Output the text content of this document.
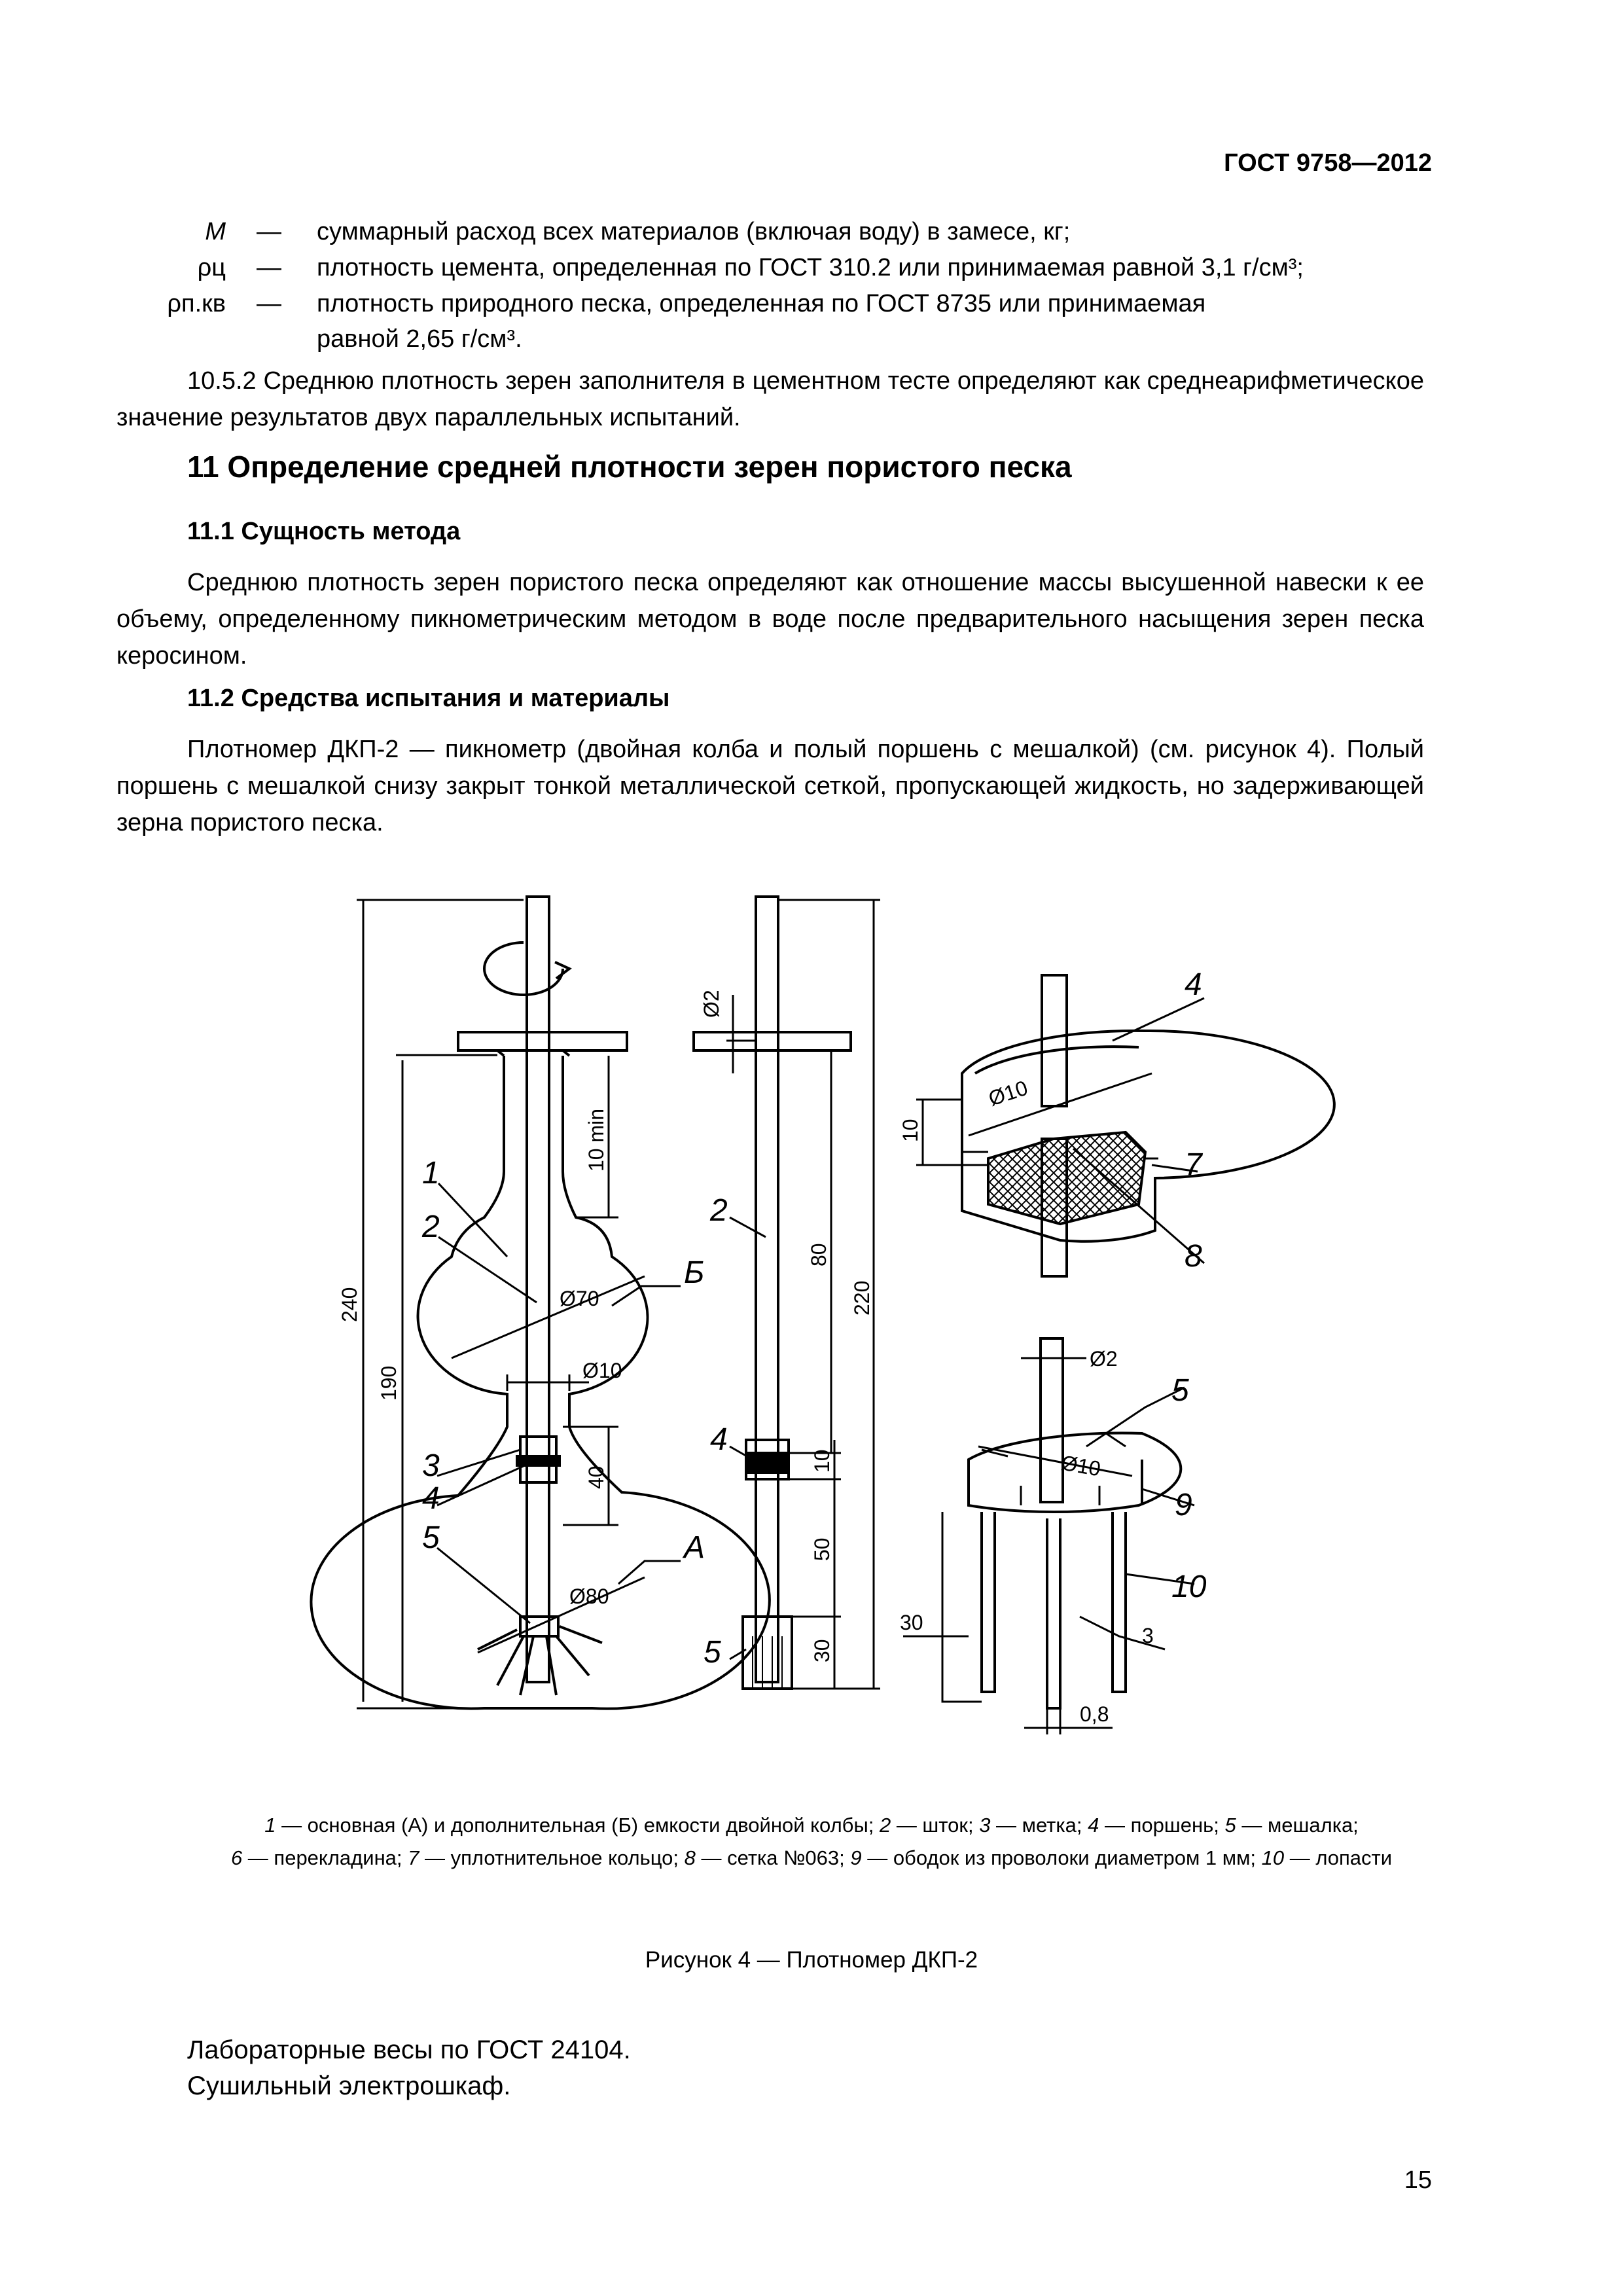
ГОСТ 9758—2012
M — суммарный расход всех материалов (включая воду) в замесе, кг;
ρц — плотность цемента, определенная по ГОСТ 310.2 или принимаемая равной 3,1 г/см³;
ρп.кв — плотность природного песка, определенная по ГОСТ 8735 или принимаемая
равной 2,65 г/см³.
10.5.2 Среднюю плотность зерен заполнителя в цементном тесте определяют как среднеарифметическое значение результатов двух параллельных испытаний.
11 Определение средней плотности зерен пористого песка
11.1 Сущность метода
Среднюю плотность зерен пористого песка определяют как отношение массы высушенной навески к ее объему, определенному пикнометрическим методом в воде после предварительного насыщения зерен песка керосином.
11.2 Средства испытания и материалы
Плотномер ДКП-2 — пикнометр (двойная колба и полый поршень с мешалкой) (см. рисунок 4). Полый поршень с мешалкой снизу закрыт тонкой металлической сеткой, пропускающей жидкость, но задерживающей зерна пористого песка.
1
2
3
4
5
Б
А
240
190
10 min
40
Ø70
Ø10
Ø80
2
4
5
Ø2
80
220
10
50
30
4
7
8
Ø10
10
Ø2
Ø10
30
3
0,8
5
9
10
1 — основная (А) и дополнительная (Б) емкости двойной колбы; 2 — шток; 3 — метка; 4 — поршень; 5 — мешалка;
6 — перекладина; 7 — уплотнительное кольцо; 8 — сетка №063; 9 — ободок из проволоки диаметром 1 мм; 10 — лопасти
Рисунок 4 — Плотномер ДКП-2
Лабораторные весы по ГОСТ 24104.
Сушильный электрошкаф.
15
